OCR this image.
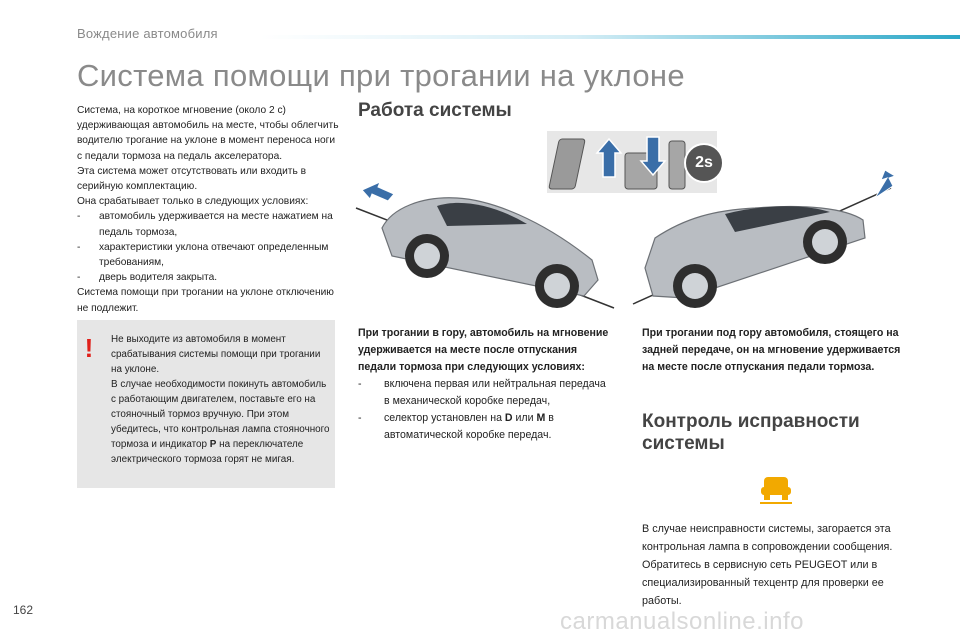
Вождение автомобиля
Система помощи при трогании на уклоне

Система, на короткое мгновение (около 2 с) удерживающая автомобиль на месте, чтобы облегчить водителю трогание на уклоне в момент переноса ноги с педали тормоза на педаль акселератора.

Эта система может отсутствовать или входить в серийную комплектацию.

Она срабатывает только в следующих условиях:

- автомобиль удерживается на месте нажатием на педаль тормоза,

- характеристики уклона отвечают определенным требованиям,

- дверь водителя закрыта.

Система помощи при трогании на уклоне отключению не подлежит.

! Не выходите из автомобиля в момент срабатывания системы помощи при трогании на уклоне.
В случае необходимости покинуть автомобиль с работающим двигателем, поставьте его на стояночный тормоз вручную. При этом убедитесь, что контрольная лампа стояночного тормоза и индикатор P на переключателе электрического тормоза горят не мигая.
Работа системы
2s
При трогании в гору, автомобиль на мгновение удерживается на месте после отпускания педали тормоза при следующих условиях:
- включена первая или нейтральная передача в механической коробке передач,
- селектор установлен на D или M в автоматической коробке передач.
При трогании под гору автомобиля, стоящего на задней передаче, он на мгновение удерживается на месте после отпускания педали тормоза.
Контроль исправности системы
В случае неисправности системы, загорается эта контрольная лампа в сопровождении сообщения. Обратитесь в сервисную сеть PEUGEOT или в специализированный техцентр для проверки ее работы.
162	carmanualsonline.info
